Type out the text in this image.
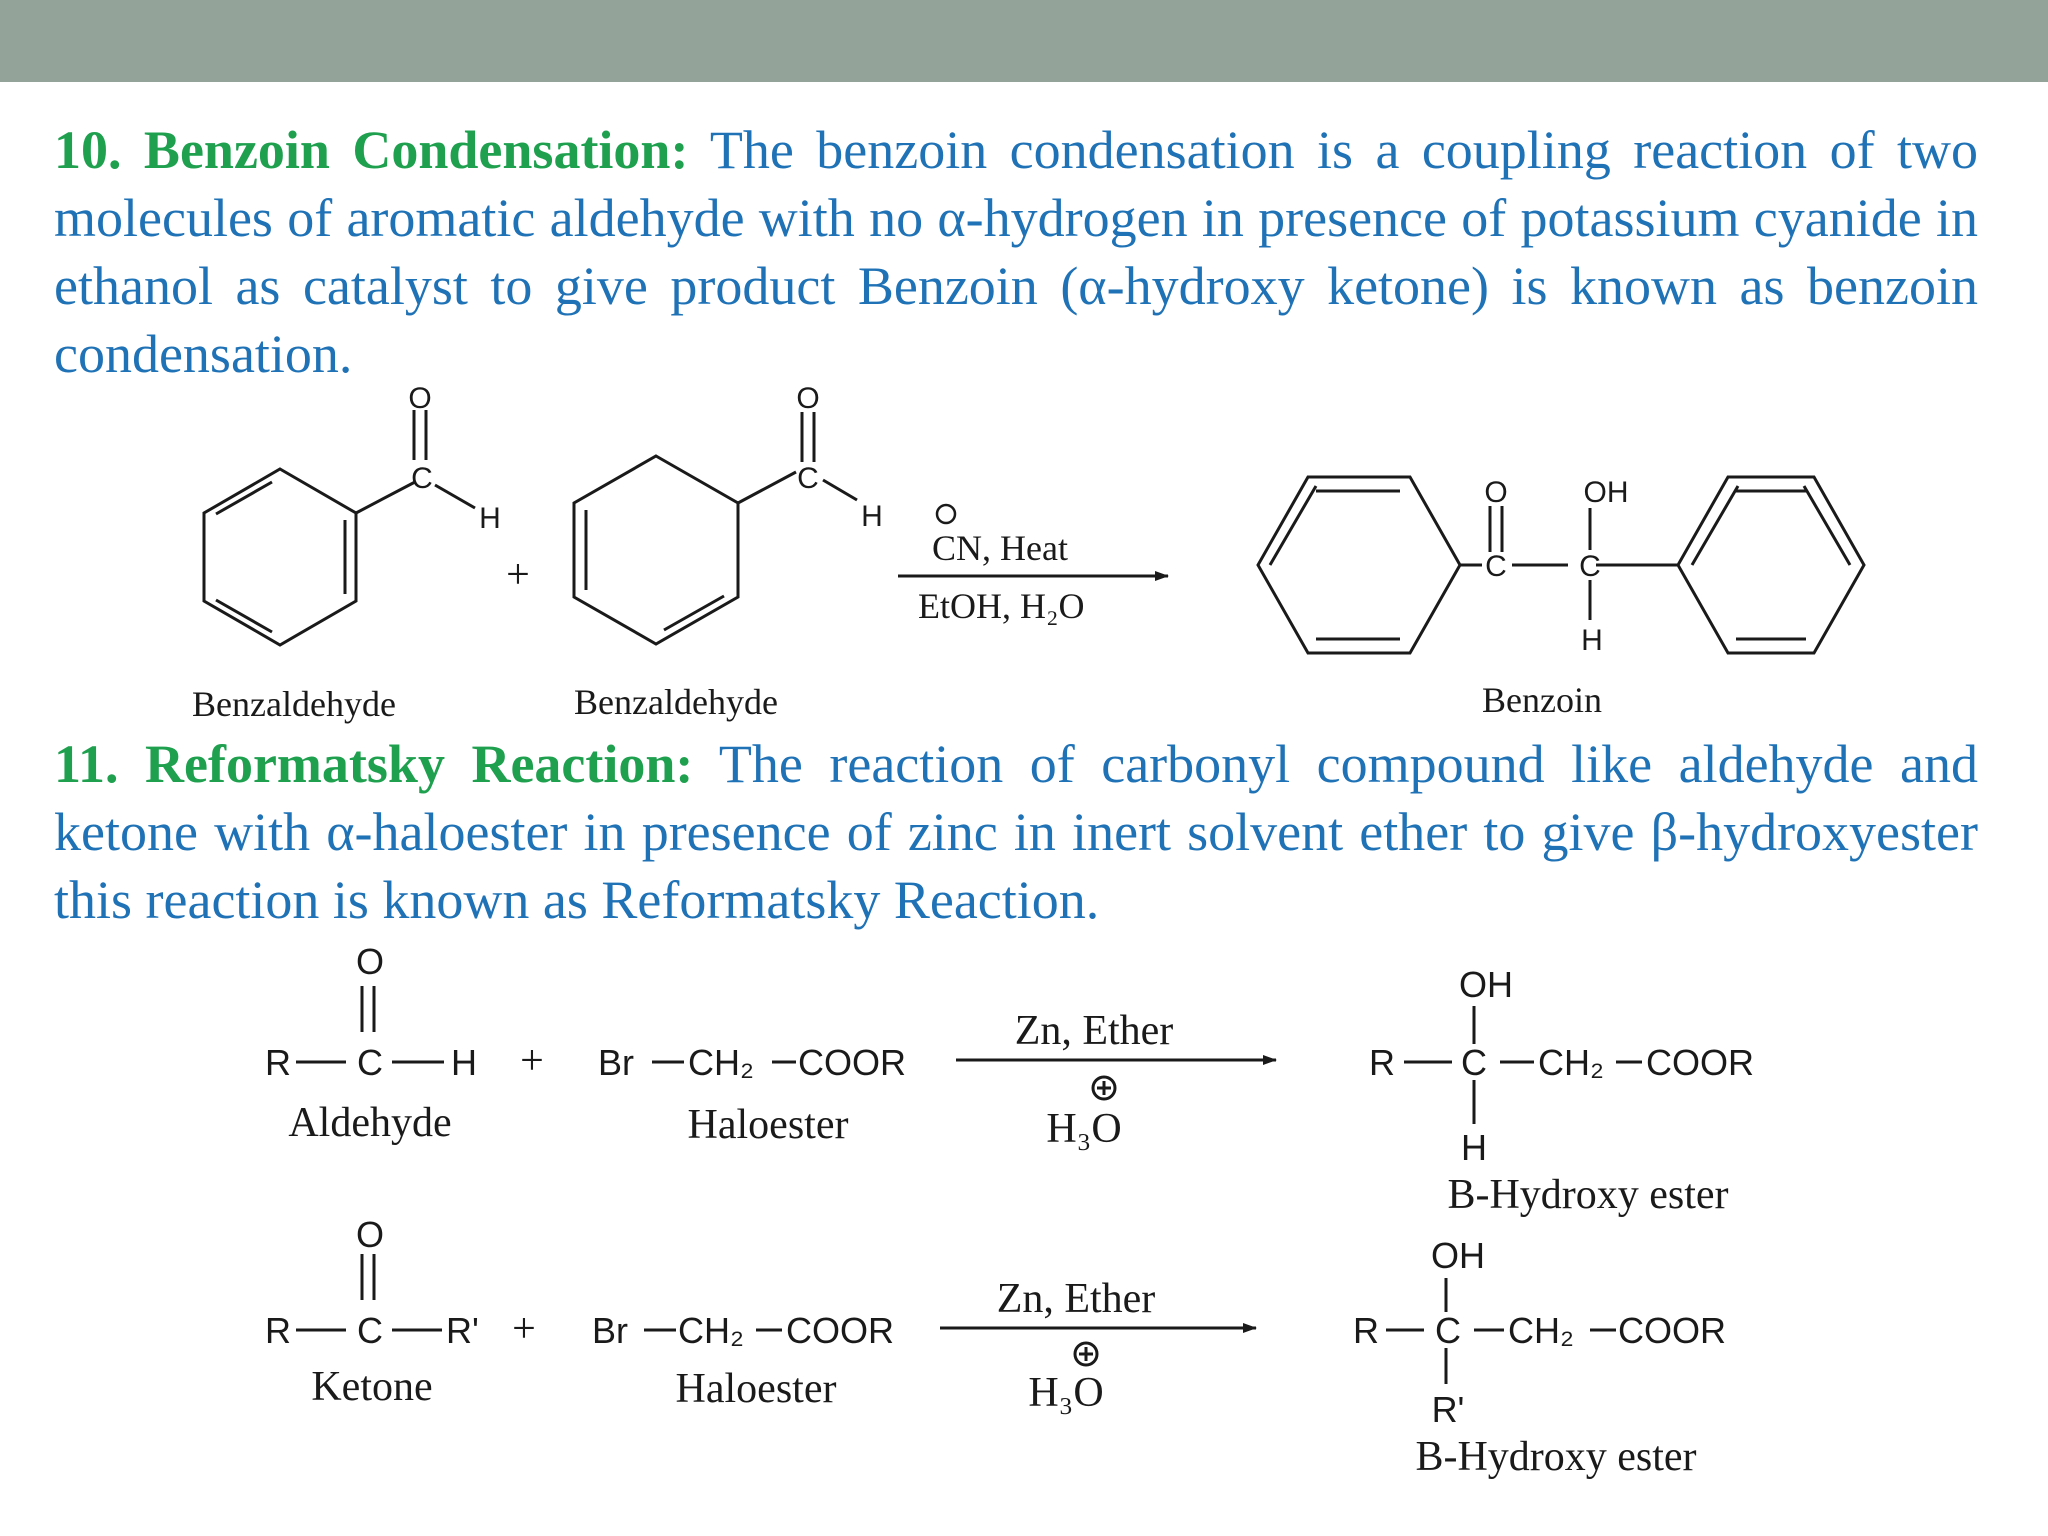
10. Benzoin Condensation: The benzoin condensation is a coupling reaction of two molecules of aromatic aldehyde with no α-hydrogen in presence of potassium cyanide in ethanol as catalyst to give product Benzoin (α-hydroxy ketone) is known as benzoin condensation.

11. Reformatsky Reaction: The reaction of carbonyl compound like aldehyde and ketone with α-haloester in presence of zinc in inert solvent ether to give β-hydroxyester this reaction is known as Reformatsky Reaction.

O
C
H
O
C
H
O
C
OH
C
H
+
CN, Heat
EtOH, H₂O
Benzaldehyde	Benzaldehyde	Benzoin
O
R C H	Br CH₂ COOR
OH
R C CH₂ COOR
H
+
Zn, Ether
H₃O
Aldehyde	Haloester
B-Hydroxy ester
O
R C R'	Br CH₂ COOR
OH
R C CH₂ COOR
R'
+
Zn, Ether
H₃O
Ketone	Haloester
B-Hydroxy ester
